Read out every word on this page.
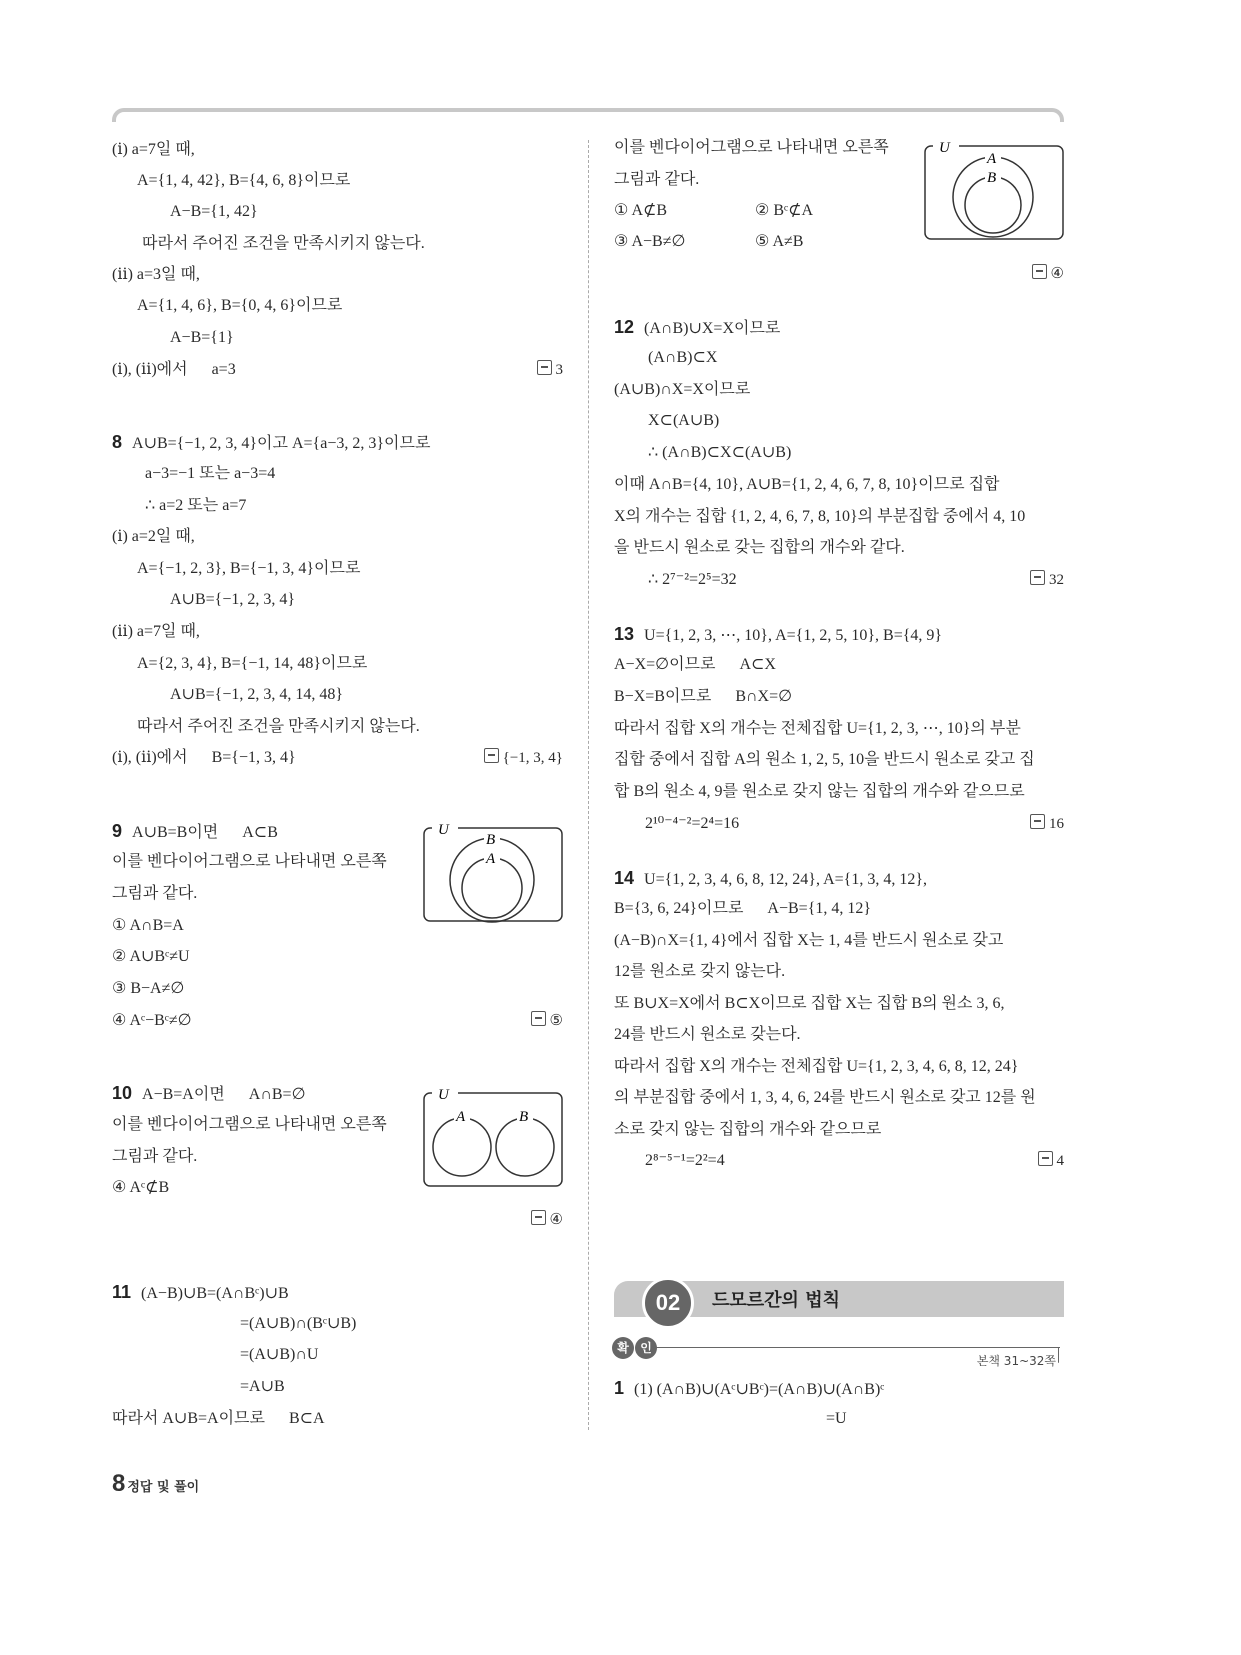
(ⅰ) a=7일 때,
A={1, 4, 42}, B={4, 6, 8}이므로
A−B={1, 42}
따라서 주어진 조건을 만족시키지 않는다.
(ⅱ) a=3일 때,
A={1, 4, 6}, B={0, 4, 6}이므로
A−B={1}
(ⅰ), (ⅱ)에서      a=3	3
8 A∪B={−1, 2, 3, 4}이고 A={a−3, 2, 3}이므로
a−3=−1 또는 a−3=4
∴ a=2 또는 a=7
(ⅰ) a=2일 때,
A={−1, 2, 3}, B={−1, 3, 4}이므로
A∪B={−1, 2, 3, 4}
(ⅱ) a=7일 때,
A={2, 3, 4}, B={−1, 14, 48}이므로
A∪B={−1, 2, 3, 4, 14, 48}
따라서 주어진 조건을 만족시키지 않는다.
(ⅰ), (ⅱ)에서      B={−1, 3, 4}	{−1, 3, 4}
9 A∪B=B이면      A⊂B
이를 벤다이어그램으로 나타내면 오른쪽
그림과 같다.
① A∩B=A
② A∪Bᶜ≠U
③ B−A≠∅
④ Aᶜ−Bᶜ≠∅	⑤
U
B
A
10 A−B=A이면      A∩B=∅
이를 벤다이어그램으로 나타내면 오른쪽
그림과 같다.
④ Aᶜ⊄B
④
U
A	B
11 (A−B)∪B=(A∩Bᶜ)∪B
=(A∪B)∩(Bᶜ∪B)
=(A∪B)∩U
=A∪B
따라서 A∪B=A이므로      B⊂A
이를 벤다이어그램으로 나타내면 오른쪽
그림과 같다.
① A⊄B	② Bᶜ⊄A
③ A−B≠∅	⑤ A≠B
④
U
A
B
12 (A∩B)∪X=X이므로
(A∩B)⊂X
(A∪B)∩X=X이므로
X⊂(A∪B)
∴ (A∩B)⊂X⊂(A∪B)
이때 A∩B={4, 10}, A∪B={1, 2, 4, 6, 7, 8, 10}이므로 집합
X의 개수는 집합 {1, 2, 4, 6, 7, 8, 10}의 부분집합 중에서 4, 10
을 반드시 원소로 갖는 집합의 개수와 같다.
∴ 2⁷⁻²=2⁵=32	32
13 U={1, 2, 3, ⋯, 10}, A={1, 2, 5, 10}, B={4, 9}
A−X=∅이므로      A⊂X
B−X=B이므로      B∩X=∅
따라서 집합 X의 개수는 전체집합 U={1, 2, 3, ⋯, 10}의 부분
집합 중에서 집합 A의 원소 1, 2, 5, 10을 반드시 원소로 갖고 집
합 B의 원소 4, 9를 원소로 갖지 않는 집합의 개수와 같으므로
2¹⁰⁻⁴⁻²=2⁴=16	16
14 U={1, 2, 3, 4, 6, 8, 12, 24}, A={1, 3, 4, 12},
B={3, 6, 24}이므로      A−B={1, 4, 12}
(A−B)∩X={1, 4}에서 집합 X는 1, 4를 반드시 원소로 갖고
12를 원소로 갖지 않는다.
또 B∪X=X에서 B⊂X이므로 집합 X는 집합 B의 원소 3, 6,
24를 반드시 원소로 갖는다.
따라서 집합 X의 개수는 전체집합 U={1, 2, 3, 4, 6, 8, 12, 24}
의 부분집합 중에서 1, 3, 4, 6, 24를 반드시 원소로 갖고 12를 원
소로 갖지 않는 집합의 개수와 같으므로
2⁸⁻⁵⁻¹=2²=4	4
02	드모르간의 법칙
확 인
본책 31~32쪽
1 (1) (A∩B)∪(Aᶜ∪Bᶜ)=(A∩B)∪(A∩B)ᶜ
=U
8 정답 및 풀이
